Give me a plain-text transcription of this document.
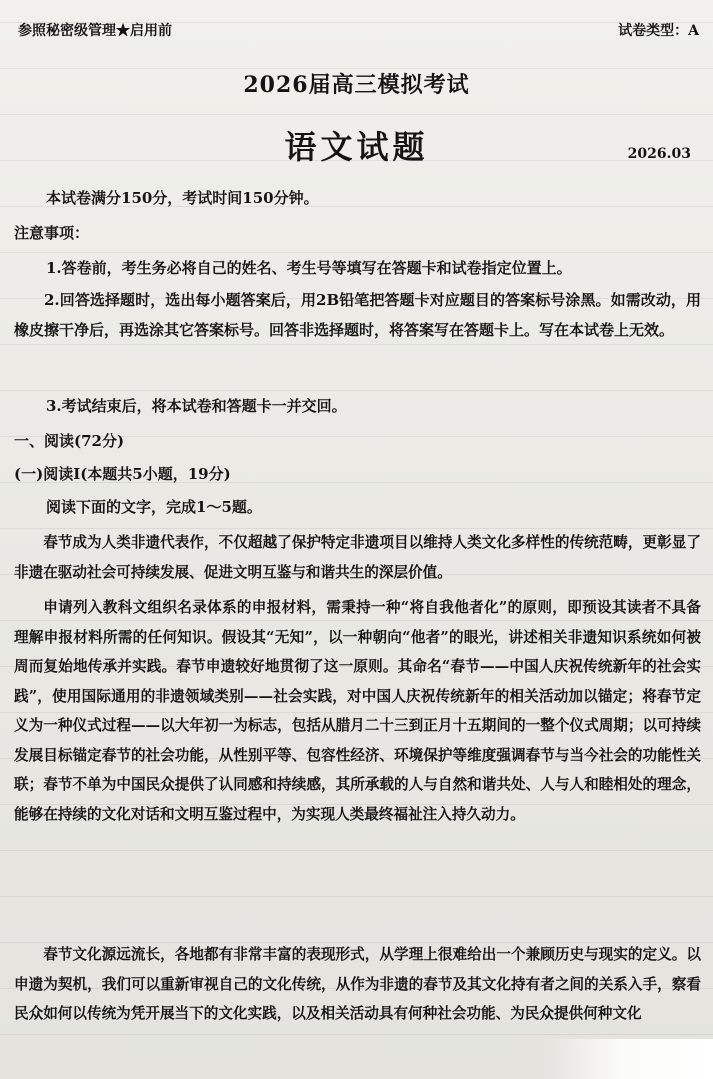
参照秘密级管理★启用前	试卷类型：A
2026届高三模拟考试
语文试题	2026.03
本试卷满分150分，考试时间150分钟。
注意事项：
1.答卷前，考生务必将自己的姓名、考生号等填写在答题卡和试卷指定位置上。
2.回答选择题时，选出每小题答案后，用2B铅笔把答题卡对应题目的答案标号涂黑。如需改动，用橡皮擦干净后，再选涂其它答案标号。回答非选择题时，将答案写在答题卡上。写在本试卷上无效。
3.考试结束后，将本试卷和答题卡一并交回。
一、阅读(72分)
(一)阅读Ⅰ(本题共5小题，19分)
阅读下面的文字，完成1～5题。
春节成为人类非遗代表作，不仅超越了保护特定非遗项目以维持人类文化多样性的传统范畴，更彰显了非遗在驱动社会可持续发展、促进文明互鉴与和谐共生的深层价值。
申请列入教科文组织名录体系的申报材料，需秉持一种“将自我他者化”的原则，即预设其读者不具备理解申报材料所需的任何知识。假设其“无知”，以一种朝向“他者”的眼光，讲述相关非遗知识系统如何被周而复始地传承并实践。春节申遗较好地贯彻了这一原则。其命名“春节——中国人庆祝传统新年的社会实践”，使用国际通用的非遗领域类别——社会实践，对中国人庆祝传统新年的相关活动加以锚定；将春节定义为一种仪式过程——以大年初一为标志，包括从腊月二十三到正月十五期间的一整个仪式周期；以可持续发展目标锚定春节的社会功能，从性别平等、包容性经济、环境保护等维度强调春节与当今社会的功能性关联；春节不单为中国民众提供了认同感和持续感，其所承载的人与自然和谐共处、人与人和睦相处的理念，能够在持续的文化对话和文明互鉴过程中，为实现人类最终福祉注入持久动力。
春节文化源远流长，各地都有非常丰富的表现形式，从学理上很难给出一个兼顾历史与现实的定义。以申遗为契机，我们可以重新审视自己的文化传统，从作为非遗的春节及其文化持有者之间的关系入手，察看民众如何以传统为凭开展当下的文化实践，以及相关活动具有何种社会功能、为民众提供何种文化
